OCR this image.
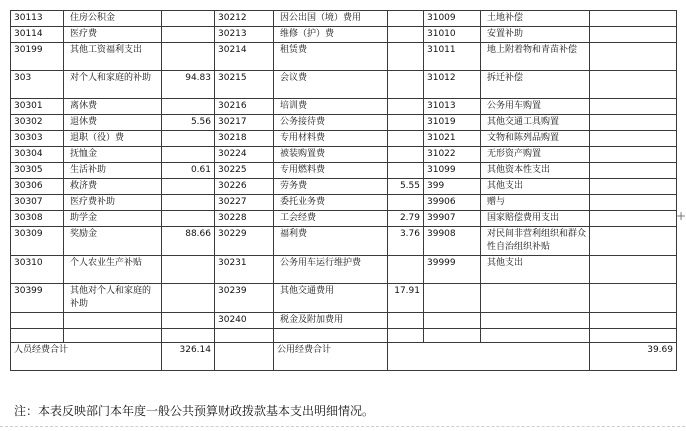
30113	住房公积金		30212	因公出国（境）费用		31009	土地补偿	
30114	医疗费		30213	维修（护）费		31010	安置补助	
30199	其他工资福利支出		30214	租赁费		31011	地上附着物和青苗补偿	
303	对个人和家庭的补助	94.83	30215	会议费		31012	拆迁补偿	
30301	离休费		30216	培训费		31013	公务用车购置	
30302	退休费	5.56	30217	公务接待费		31019	其他交通工具购置	
30303	退职（役）费		30218	专用材料费		31021	文物和陈列品购置	
30304	抚恤金		30224	被装购置费		31022	无形资产购置	
30305	生活补助	0.61	30225	专用燃料费		31099	其他资本性支出	
30306	救济费		30226	劳务费	5.55	399	其他支出	
30307	医疗费补助		30227	委托业务费		39906	赠与	
30308	助学金		30228	工会经费	2.79	39907	国家赔偿费用支出	
30309	奖励金	88.66	30229	福利费	3.76	39908	对民间非营利组织和群众性自治组织补贴	
30310	个人农业生产补贴		30231	公务用车运行维护费		39999	其他支出	
30399	其他对个人和家庭的补助		30239	其他交通费用	17.91			
			30240	税金及附加费用				

人员经费合计		326.14		公用经费合计				39.69
注：本表反映部门本年度一般公共预算财政拨款基本支出明细情况。
+
